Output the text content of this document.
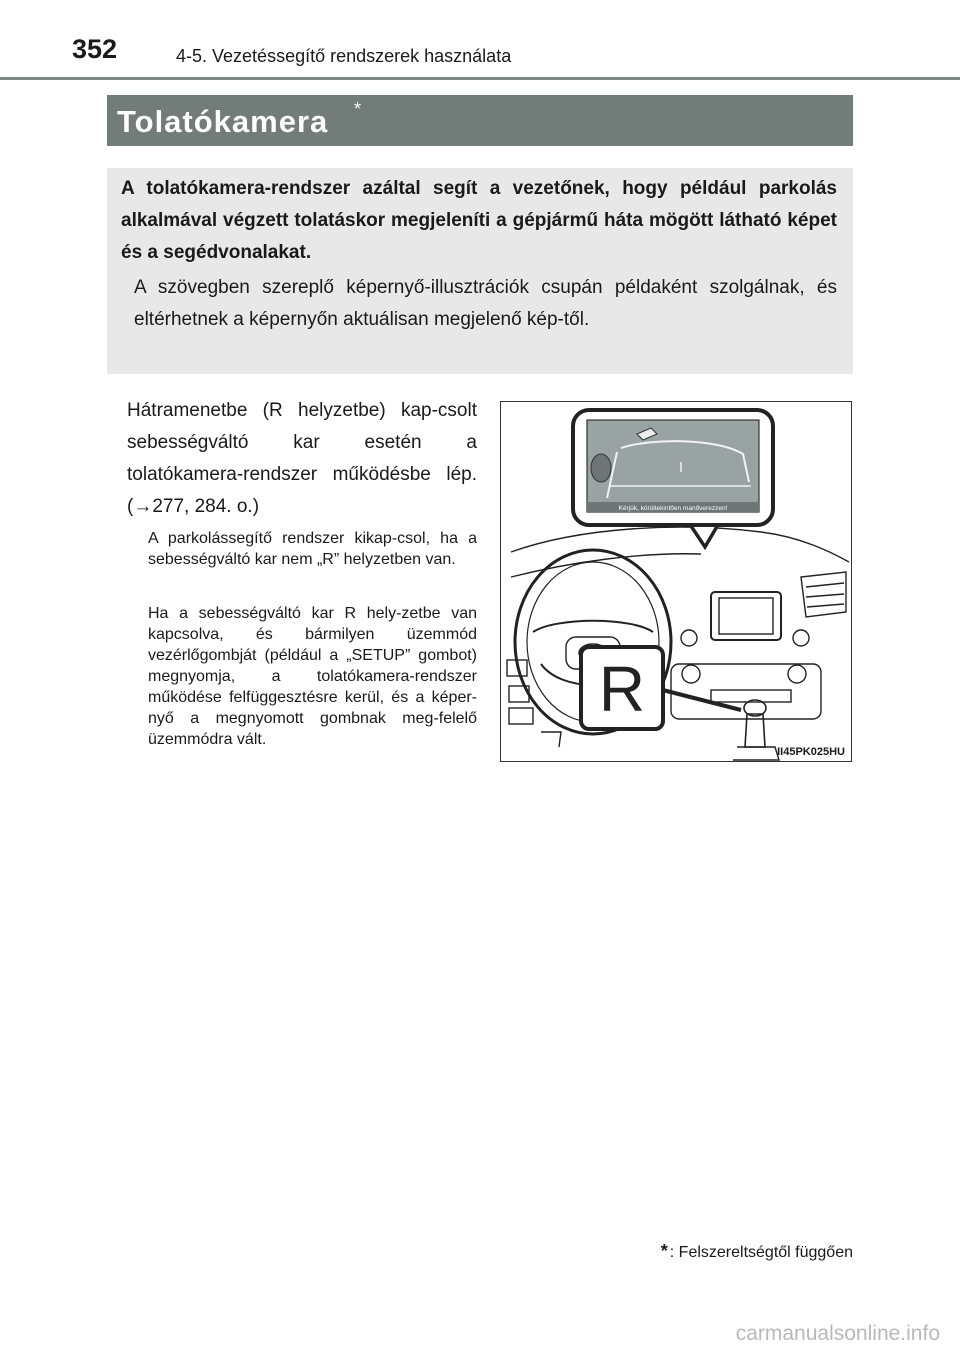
352	4-5. Vezetéssegítő rendszerek használata
Tolatókamera *
A tolatókamera-rendszer azáltal segít a vezetőnek, hogy például parkolás alkalmával végzett tolatáskor megjeleníti a gépjármű háta mögött látható képet és a segédvonalakat.
A szövegben szereplő képernyő-illusztrációk csupán példaként szolgálnak, és eltérhetnek a képernyőn aktuálisan megjelenő kép-től.
Hátramenetbe (R helyzetbe) kap-csolt sebességváltó kar esetén a tolatókamera-rendszer működésbe lép. (→277, 284. o.)
A parkolássegítő rendszer kikap-csol, ha a sebességváltó kar nem „R” helyzetben van.
Ha a sebességváltó kar R hely-zetbe van kapcsolva, és bármilyen üzemmód vezérlőgombját (például a „SETUP” gombot) megnyomja, a tolatókamera-rendszer működése felfüggesztésre kerül, és a képer-nyő a megnyomott gombnak meg-felelő üzemmódra vált.
Kérjük, körültekintően manőverezzen!
R
II45PK025HU
* : Felszereltségtől függően
carmanualsonline.info
